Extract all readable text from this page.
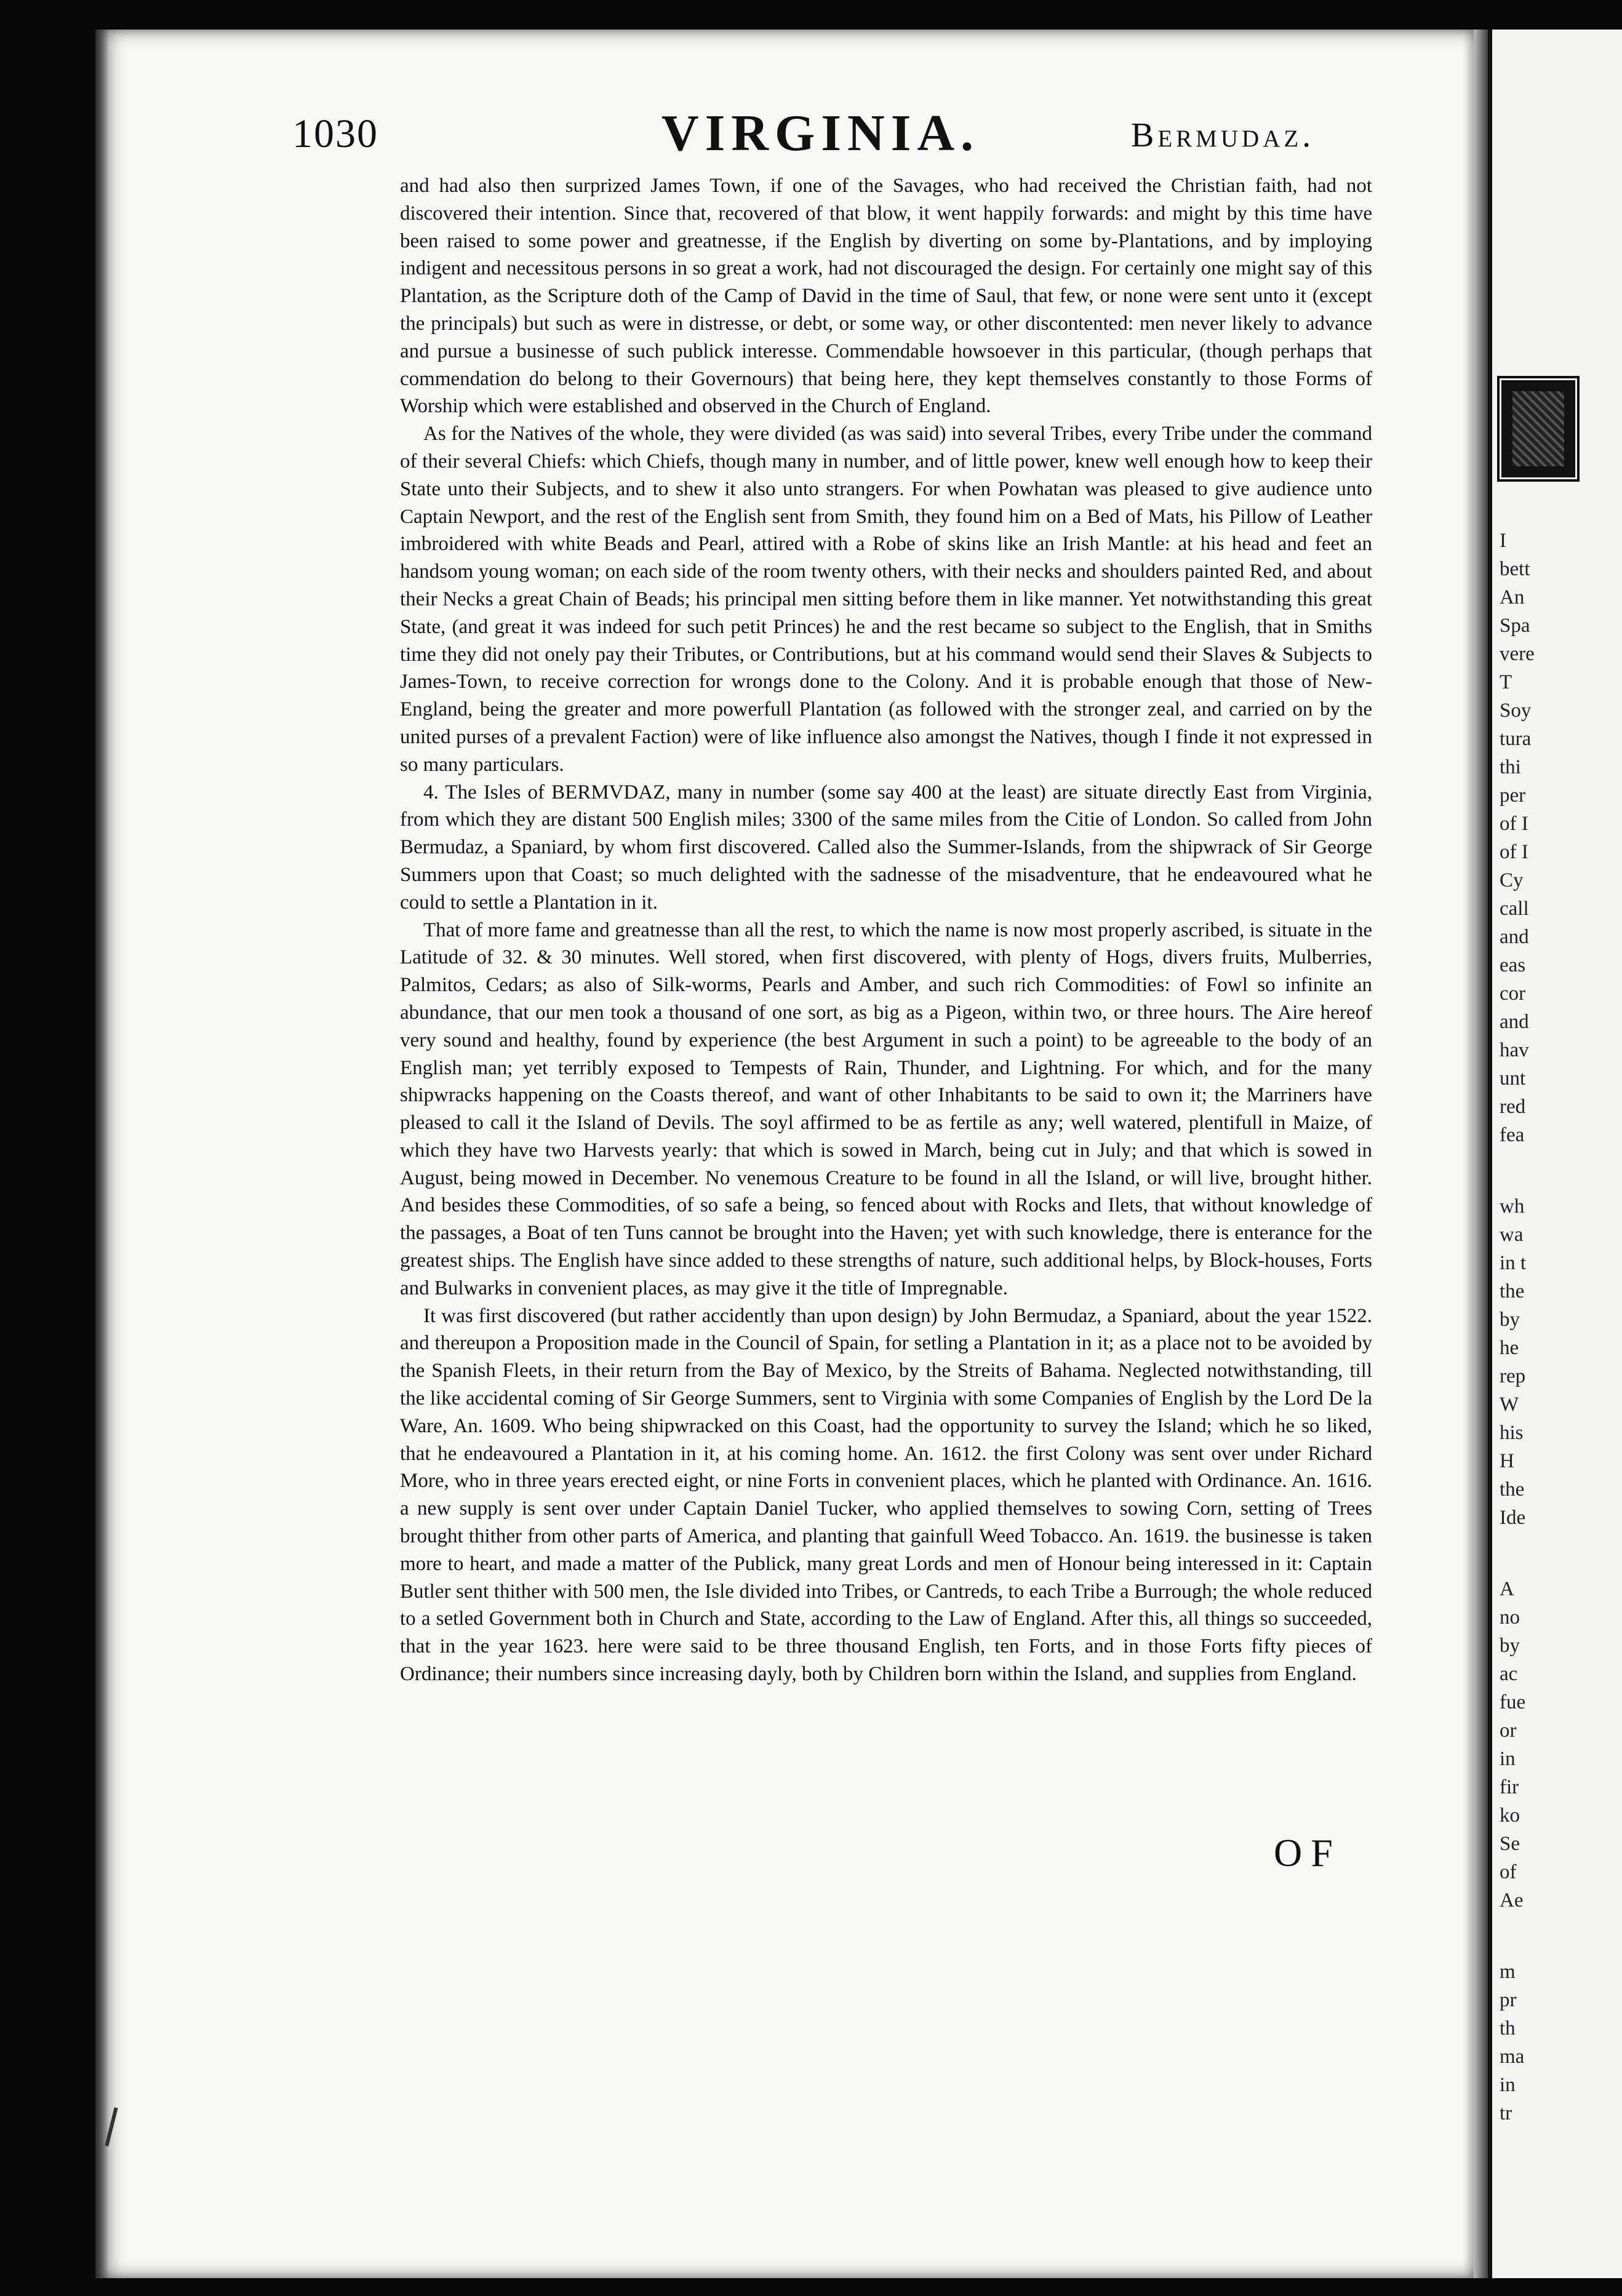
1030	VIRGINIA.	Bermudaz.

and had also then surprized James Town, if one of the Savages, who had received the Christian faith, had not discovered their intention. Since that, recovered of that blow, it went happily forwards: and might by this time have been raised to some power and greatnesse, if the English by diverting on some by-Plantations, and by imploying indigent and necessitous persons in so great a work, had not discouraged the design. For certainly one might say of this Plantation, as the Scripture doth of the Camp of David in the time of Saul, that few, or none were sent unto it (except the principals) but such as were in distresse, or debt, or some way, or other discontented: men never likely to advance and pursue a businesse of such publick interesse. Commendable howsoever in this particular, (though perhaps that commendation do belong to their Governours) that being here, they kept themselves constantly to those Forms of Worship which were established and observed in the Church of England.

As for the Natives of the whole, they were divided (as was said) into several Tribes, every Tribe under the command of their several Chiefs: which Chiefs, though many in number, and of little power, knew well enough how to keep their State unto their Subjects, and to shew it also unto strangers. For when Powhatan was pleased to give audience unto Captain Newport, and the rest of the English sent from Smith, they found him on a Bed of Mats, his Pillow of Leather imbroidered with white Beads and Pearl, attired with a Robe of skins like an Irish Mantle: at his head and feet an handsom young woman; on each side of the room twenty others, with their necks and shoulders painted Red, and about their Necks a great Chain of Beads; his principal men sitting before them in like manner. Yet notwithstanding this great State, (and great it was indeed for such petit Princes) he and the rest became so subject to the English, that in Smiths time they did not onely pay their Tributes, or Contributions, but at his command would send their Slaves & Subjects to James-Town, to receive correction for wrongs done to the Colony. And it is probable enough that those of New-England, being the greater and more powerfull Plantation (as followed with the stronger zeal, and carried on by the united purses of a prevalent Faction) were of like influence also amongst the Natives, though I finde it not expressed in so many particulars.

4. The Isles of BERMVDAZ, many in number (some say 400 at the least) are situate directly East from Virginia, from which they are distant 500 English miles; 3300 of the same miles from the Citie of London. So called from John Bermudaz, a Spaniard, by whom first discovered. Called also the Summer-Islands, from the shipwrack of Sir George Summers upon that Coast; so much delighted with the sadnesse of the misadventure, that he endeavoured what he could to settle a Plantation in it.

That of more fame and greatnesse than all the rest, to which the name is now most properly ascribed, is situate in the Latitude of 32. & 30 minutes. Well stored, when first discovered, with plenty of Hogs, divers fruits, Mulberries, Palmitos, Cedars; as also of Silk-worms, Pearls and Amber, and such rich Commodities: of Fowl so infinite an abundance, that our men took a thousand of one sort, as big as a Pigeon, within two, or three hours. The Aire hereof very sound and healthy, found by experience (the best Argument in such a point) to be agreeable to the body of an English man; yet terribly exposed to Tempests of Rain, Thunder, and Lightning. For which, and for the many shipwracks happening on the Coasts thereof, and want of other Inhabitants to be said to own it; the Marriners have pleased to call it the Island of Devils. The soyl affirmed to be as fertile as any; well watered, plentifull in Maize, of which they have two Harvests yearly: that which is sowed in March, being cut in July; and that which is sowed in August, being mowed in December. No venemous Creature to be found in all the Island, or will live, brought hither. And besides these Commodities, of so safe a being, so fenced about with Rocks and Ilets, that without knowledge of the passages, a Boat of ten Tuns cannot be brought into the Haven; yet with such knowledge, there is enterance for the greatest ships. The English have since added to these strengths of nature, such additional helps, by Block-houses, Forts and Bulwarks in convenient places, as may give it the title of Impregnable.

It was first discovered (but rather accidently than upon design) by John Bermudaz, a Spaniard, about the year 1522. and thereupon a Proposition made in the Council of Spain, for setling a Plantation in it; as a place not to be avoided by the Spanish Fleets, in their return from the Bay of Mexico, by the Streits of Bahama. Neglected notwithstanding, till the like accidental coming of Sir George Summers, sent to Virginia with some Companies of English by the Lord De la Ware, An. 1609. Who being shipwracked on this Coast, had the opportunity to survey the Island; which he so liked, that he endeavoured a Plantation in it, at his coming home. An. 1612. the first Colony was sent over under Richard More, who in three years erected eight, or nine Forts in convenient places, which he planted with Ordinance. An. 1616. a new supply is sent over under Captain Daniel Tucker, who applied themselves to sowing Corn, setting of Trees brought thither from other parts of America, and planting that gainfull Weed Tobacco. An. 1619. the businesse is taken more to heart, and made a matter of the Publick, many great Lords and men of Honour being interessed in it: Captain Butler sent thither with 500 men, the Isle divided into Tribes, or Cantreds, to each Tribe a Burrough; the whole reduced to a setled Government both in Church and State, according to the Law of England. After this, all things so succeeded, that in the year 1623. here were said to be three thousand English, ten Forts, and in those Forts fifty pieces of Ordinance; their numbers since increasing dayly, both by Children born within the Island, and supplies from England.

OF
I
bett
An
Spa
vere
T
Soy
tura
thi
per
of I
of I
Cy
call
and
eas
cor
and
hav
unt
red
fea
wh
wa
in t
the
by
he
rep
W
his
H
the
Ide
A
no
by
ac
fue
or
in
fir
ko
Se
of
Ae
m
pr
th
ma
in
tr
